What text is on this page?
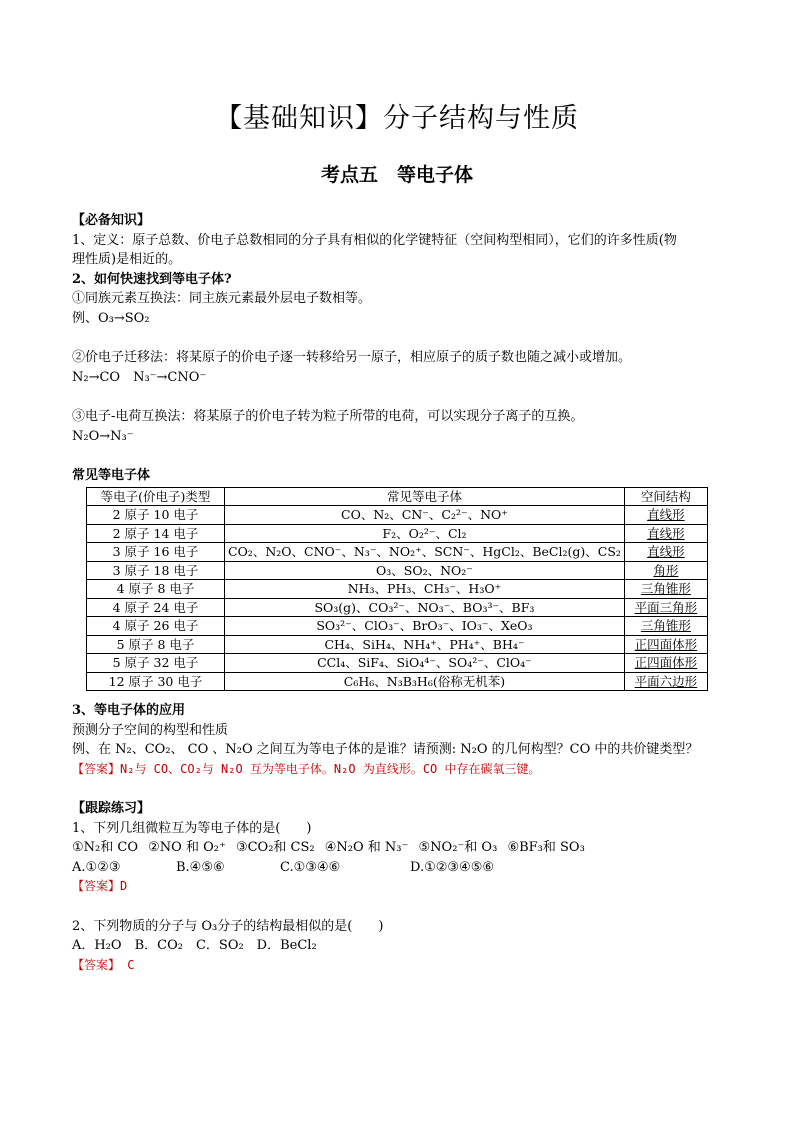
【基础知识】分子结构与性质
考点五　等电子体

【必备知识】

1、定义：原子总数、价电子总数相同的分子具有相似的化学键特征（空间构型相同），它们的许多性质(物

理性质)是相近的。

2、如何快速找到等电子体?

①同族元素互换法：同主族元素最外层电子数相等。

例、O₃→SO₂

②价电子迁移法：将某原子的价电子逐一转移给另一原子，相应原子的质子数也随之减小或增加。

N₂→CO　N₃⁻→CNO⁻

③电子-电荷互换法：将某原子的价电子转为粒子所带的电荷，可以实现分子离子的互换。

N₂O→N₃⁻

常见等电子体

等电子(价电子)类型	常见等电子体	空间结构
2 原子 10 电子	CO、N₂、CN⁻、C₂²⁻、NO⁺	直线形
2 原子 14 电子	F₂、O₂²⁻、Cl₂	直线形
3 原子 16 电子	CO₂、N₂O、CNO⁻、N₃⁻、NO₂⁺、SCN⁻、HgCl₂、BeCl₂(g)、CS₂	直线形
3 原子 18 电子	O₃、SO₂、NO₂⁻	角形
4 原子 8 电子	NH₃、PH₃、CH₃⁻、H₃O⁺	三角锥形
4 原子 24 电子	SO₃(g)、CO₃²⁻、NO₃⁻、BO₃³⁻、BF₃	平面三角形
4 原子 26 电子	SO₃²⁻、ClO₃⁻、BrO₃⁻、IO₃⁻、XeO₃	三角锥形
5 原子 8 电子	CH₄、SiH₄、NH₄⁺、PH₄⁺、BH₄⁻	正四面体形
5 原子 32 电子	CCl₄、SiF₄、SiO₄⁴⁻、SO₄²⁻、ClO₄⁻	正四面体形
12 原子 30 电子	C₆H₆、N₃B₃H₆(俗称无机苯)	平面六边形

3、等电子体的应用

预测分子空间的构型和性质

例、在 N₂、CO₂、 CO 、N₂O 之间互为等电子体的是谁？请预测: N₂O 的几何构型？CO 中的共价键类型？

【答案】N₂与 CO、CO₂与 N₂O 互为等电子体。N₂O 为直线形。CO 中存在碳氧三键。

【跟踪练习】

1、下列几组微粒互为等电子体的是(　　)

①N₂和 CO ②NO 和 O₂⁺ ③CO₂和 CS₂ ④N₂O 和 N₃⁻ ⑤NO₂⁻和 O₃ ⑥BF₃和 SO₃

A.①②③	B.④⑤⑥	C.①③④⑥	D.①②③④⑤⑥

【答案】D

2、下列物质的分子与 O₃分子的结构最相似的是(　　)

A．H₂O　B．CO₂　C．SO₂　D．BeCl₂

【答案】 C
